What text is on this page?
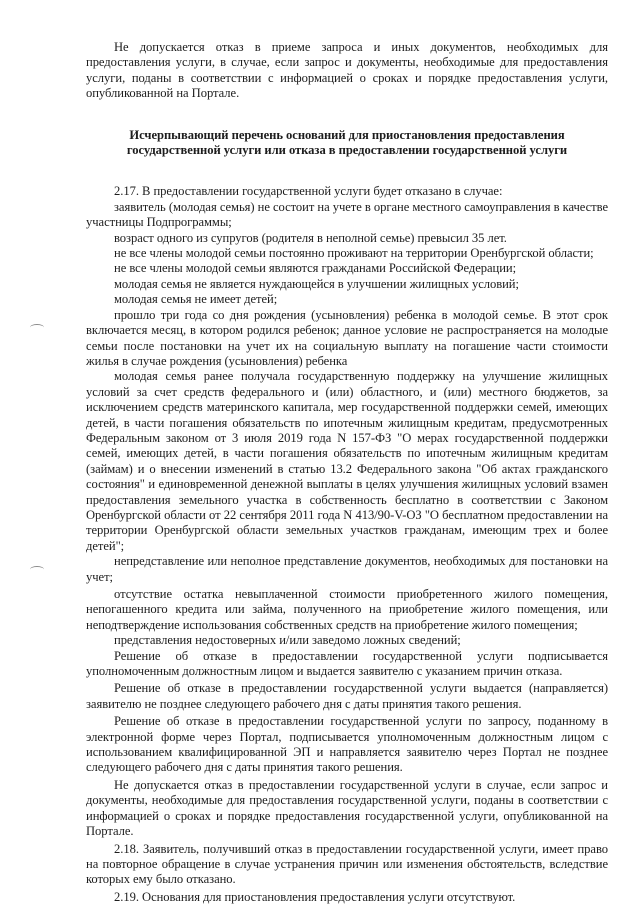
Не допускается отказ в приеме запроса и иных документов, необходимых для предоставления услуги, в случае, если запрос и документы, необходимые для предоставления услуги, поданы в соответствии с информацией о сроках и порядке предоставления услуги, опубликованной на Портале.

Исчерпывающий перечень оснований для приостановления предоставления
государственной услуги или отказа в предоставлении государственной услуги

2.17. В предоставлении государственной услуги будет отказано в случае:

заявитель (молодая семья) не состоит на учете в органе местного самоуправления в качестве участницы Подпрограммы;

возраст одного из супругов (родителя в неполной семье) превысил 35 лет.

не все члены молодой семьи постоянно проживают на территории Оренбургской области;

не все члены молодой семьи являются гражданами Российской Федерации;

молодая семья не является нуждающейся в улучшении жилищных условий;

молодая семья не имеет детей;

прошло три года со дня рождения (усыновления) ребенка в молодой семье. В этот срок включается месяц, в котором родился ребенок; данное условие не распространяется на молодые семьи после постановки на учет их на социальную выплату на погашение части стоимости жилья в случае рождения (усыновления) ребенка

молодая семья ранее получала государственную поддержку на улучшение жилищных условий за счет средств федерального и (или) областного, и (или) местного бюджетов, за исключением средств материнского капитала, мер государственной поддержки семей, имеющих детей, в части погашения обязательств по ипотечным жилищным кредитам, предусмотренных Федеральным законом от 3 июля 2019 года N 157-ФЗ "О мерах государственной поддержки семей, имеющих детей, в части погашения обязательств по ипотечным жилищным кредитам (займам) и о внесении изменений в статью 13.2 Федерального закона "Об актах гражданского состояния" и единовременной денежной выплаты в целях улучшения жилищных условий взамен предоставления земельного участка в собственность бесплатно в соответствии с Законом Оренбургской области от 22 сентября 2011 года N 413/90-V-ОЗ "О бесплатном предоставлении на территории Оренбургской области земельных участков гражданам, имеющим трех и более детей";

непредставление или неполное представление документов, необходимых для постановки на учет;

отсутствие остатка невыплаченной стоимости приобретенного жилого помещения, непогашенного кредита или займа, полученного на приобретение жилого помещения, или неподтверждение использования собственных средств на приобретение жилого помещения;

представления недостоверных и/или заведомо ложных сведений;

Решение об отказе в предоставлении государственной услуги подписывается уполномоченным должностным лицом и выдается заявителю с указанием причин отказа.

Решение об отказе в предоставлении государственной услуги выдается (направляется) заявителю не позднее следующего рабочего дня с даты принятия такого решения.

Решение об отказе в предоставлении государственной услуги по запросу, поданному в электронной форме через Портал, подписывается уполномоченным должностным лицом с использованием квалифицированной ЭП и направляется заявителю через Портал не позднее следующего рабочего дня с даты принятия такого решения.

Не допускается отказ в предоставлении государственной услуги в случае, если запрос и документы, необходимые для предоставления государственной услуги, поданы в соответствии с информацией о сроках и порядке предоставления государственной услуги, опубликованной на Портале.

2.18. Заявитель, получивший отказ в предоставлении государственной услуги, имеет право на повторное обращение в случае устранения причин или изменения обстоятельств, вследствие которых ему было отказано.

2.19. Основания для приостановления предоставления услуги отсутствуют.
